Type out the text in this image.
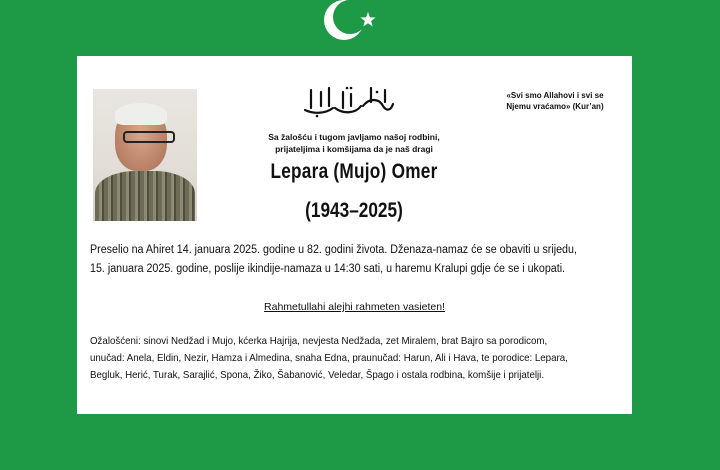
«Svi smo Allahovi i svi se
Njemu vraćamo» (Kur’an)
Sa žalošću i tugom javljamo našoj rodbini,
prijateljima i komšijama da je naš dragi
Lepara (Mujo) Omer
(1943–2025)
Preselio na Ahiret 14. januara 2025. godine u 82. godini života. Dženaza-namaz će se obaviti u srijedu,
15. januara 2025. godine, poslije ikindije-namaza u 14:30 sati, u haremu Kralupi gdje će se i ukopati.
Rahmetullahi alejhi rahmeten vasieten!
Ožalošćeni: sinovi Nedžad i Mujo, kćerka Hajrija, nevjesta Nedžada, zet Miralem, brat Bajro sa porodicom,
unučad: Anela, Eldin, Nezir, Hamza i Almedina, snaha Edna, praunučad: Harun, Ali i Hava, te porodice: Lepara,
Begluk, Herić, Turak, Sarajlić, Spona, Žiko, Šabanović, Veledar, Špago i ostala rodbina, komšije i prijatelji.
